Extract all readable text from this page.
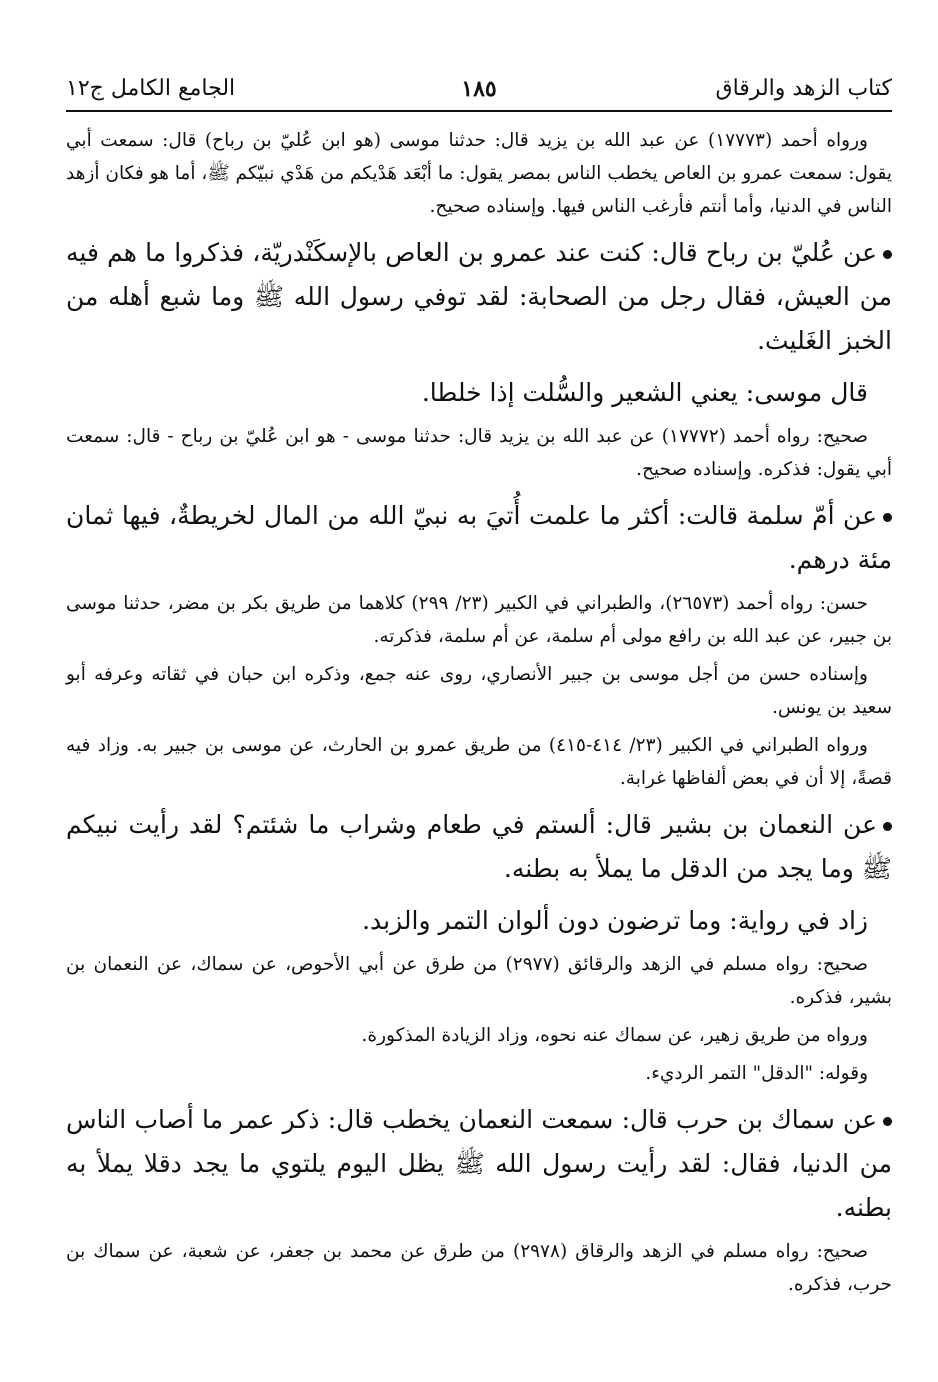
كتاب الزهد والرقاق
١٨٥
الجامع الكامل ج١٢

ورواه أحمد (١٧٧٧٣) عن عبد الله بن يزيد قال: حدثنا موسى (هو ابن عُليّ بن رباح) قال: سمعت أبي يقول: سمعت عمرو بن العاص يخطب الناس بمصر يقول: ما أبْعَد هَدْيكم من هَدْي نبيّكم ﷺ، أما هو فكان أزهد الناس في الدنيا، وأما أنتم فأرغب الناس فيها. وإسناده صحيح.

عن عُليّ بن رباح قال: كنت عند عمرو بن العاص بالإسكَنْدريّة، فذكروا ما هم فيه من العيش، فقال رجل من الصحابة: لقد توفي رسول الله ﷺ وما شبع أهله من الخبز الغَليث.

قال موسى: يعني الشعير والسُّلت إذا خلطا.

صحيح: رواه أحمد (١٧٧٧٢) عن عبد الله بن يزيد قال: حدثنا موسى - هو ابن عُليّ بن رباح - قال: سمعت أبي يقول: فذكره. وإسناده صحيح.

عن أمّ سلمة قالت: أكثر ما علمت أُتيَ به نبيّ الله من المال لخريطةٌ، فيها ثمان مئة درهم.

حسن: رواه أحمد (٢٦٥٧٣)، والطبراني في الكبير (٢٣/ ٢٩٩) كلاهما من طريق بكر بن مضر، حدثنا موسى بن جبير، عن عبد الله بن رافع مولى أم سلمة، عن أم سلمة، فذكرته.

وإسناده حسن من أجل موسى بن جبير الأنصاري، روى عنه جمع، وذكره ابن حبان في ثقاته وعرفه أبو سعيد بن يونس.

ورواه الطبراني في الكبير (٢٣/ ٤١٤-٤١٥) من طريق عمرو بن الحارث، عن موسى بن جبير به. وزاد فيه قصةً، إلا أن في بعض ألفاظها غرابة.

عن النعمان بن بشير قال: ألستم في طعام وشراب ما شئتم؟ لقد رأيت نبيكم ﷺ وما يجد من الدقل ما يملأ به بطنه.

زاد في رواية: وما ترضون دون ألوان التمر والزبد.

صحيح: رواه مسلم في الزهد والرقائق (٢٩٧٧) من طرق عن أبي الأحوص، عن سماك، عن النعمان بن بشير، فذكره.

ورواه من طريق زهير، عن سماك عنه نحوه، وزاد الزيادة المذكورة.

وقوله: "الدقل" التمر الرديء.

عن سماك بن حرب قال: سمعت النعمان يخطب قال: ذكر عمر ما أصاب الناس من الدنيا، فقال: لقد رأيت رسول الله ﷺ يظل اليوم يلتوي ما يجد دقلا يملأ به بطنه.

صحيح: رواه مسلم في الزهد والرقاق (٢٩٧٨) من طرق عن محمد بن جعفر، عن شعبة، عن سماك بن حرب، فذكره.
